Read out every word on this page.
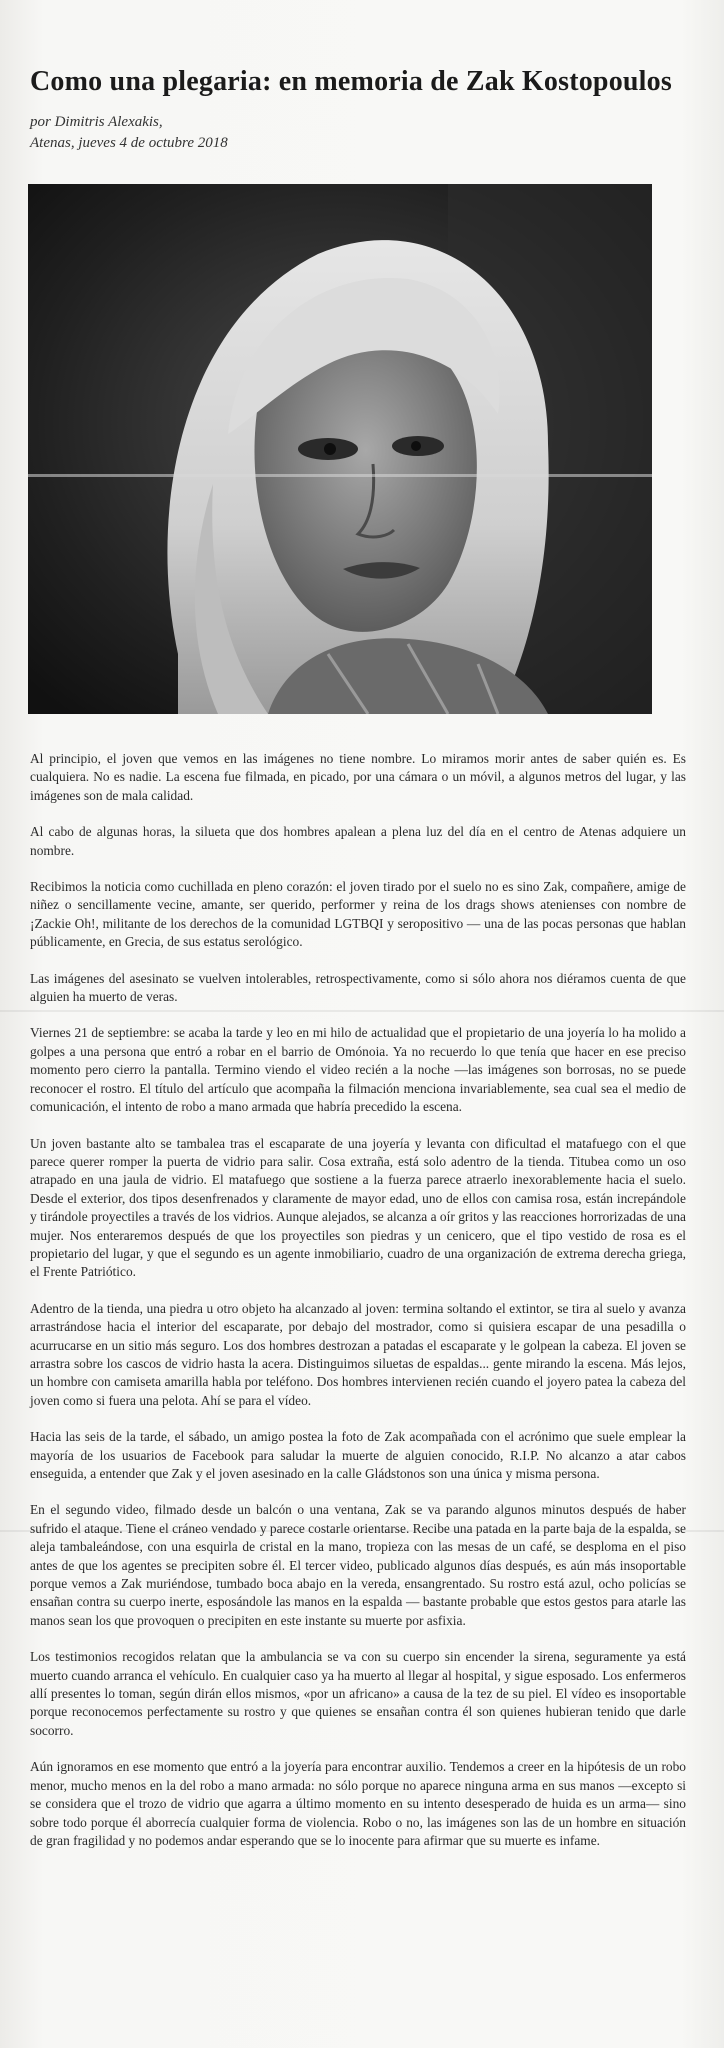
Como una plegaria: en memoria de Zak Kostopoulos
por Dimitris Alexakis,
Atenas, jueves 4 de octubre 2018

Al principio, el joven que vemos en las imágenes no tiene nombre. Lo miramos morir antes de saber quién es. Es cualquiera. No es nadie. La escena fue filmada, en picado, por una cámara o un móvil, a algunos metros del lugar, y las imágenes son de mala calidad.

Al cabo de algunas horas, la silueta que dos hombres apalean a plena luz del día en el centro de Atenas adquiere un nombre.

Recibimos la noticia como cuchillada en pleno corazón: el joven tirado por el suelo no es sino Zak, compañere, amige de niñez o sencillamente vecine, amante, ser querido, performer y reina de los drags shows atenienses con nombre de ¡Zackie Oh!, militante de los derechos de la comunidad LGTBQI y seropositivo — una de las pocas personas que hablan públicamente, en Grecia, de sus estatus serológico.

Las imágenes del asesinato se vuelven intolerables, retrospectivamente, como si sólo ahora nos diéramos cuenta de que alguien ha muerto de veras.

Viernes 21 de septiembre: se acaba la tarde y leo en mi hilo de actualidad que el propietario de una joyería lo ha molido a golpes a una persona que entró a robar en el barrio de Omónoia. Ya no recuerdo lo que tenía que hacer en ese preciso momento pero cierro la pantalla. Termino viendo el video recién a la noche —las imágenes son borrosas, no se puede reconocer el rostro. El título del artículo que acompaña la filmación menciona invariablemente, sea cual sea el medio de comunicación, el intento de robo a mano armada que habría precedido la escena.

Un joven bastante alto se tambalea tras el escaparate de una joyería y levanta con dificultad el matafuego con el que parece querer romper la puerta de vidrio para salir. Cosa extraña, está solo adentro de la tienda. Titubea como un oso atrapado en una jaula de vidrio. El matafuego que sostiene a la fuerza parece atraerlo inexorablemente hacia el suelo. Desde el exterior, dos tipos desenfrenados y claramente de mayor edad, uno de ellos con camisa rosa, están increpándole y tirándole proyectiles a través de los vidrios. Aunque alejados, se alcanza a oír gritos y las reacciones horrorizadas de una mujer. Nos enteraremos después de que los proyectiles son piedras y un cenicero, que el tipo vestido de rosa es el propietario del lugar, y que el segundo es un agente inmobiliario, cuadro de una organización de extrema derecha griega, el Frente Patriótico.

Adentro de la tienda, una piedra u otro objeto ha alcanzado al joven: termina soltando el extintor, se tira al suelo y avanza arrastrándose hacia el interior del escaparate, por debajo del mostrador, como si quisiera escapar de una pesadilla o acurrucarse en un sitio más seguro. Los dos hombres destrozan a patadas el escaparate y le golpean la cabeza. El joven se arrastra sobre los cascos de vidrio hasta la acera. Distinguimos siluetas de espaldas... gente mirando la escena. Más lejos, un hombre con camiseta amarilla habla por teléfono. Dos hombres intervienen recién cuando el joyero patea la cabeza del joven como si fuera una pelota. Ahí se para el vídeo.

Hacia las seis de la tarde, el sábado, un amigo postea la foto de Zak acompañada con el acrónimo que suele emplear la mayoría de los usuarios de Facebook para saludar la muerte de alguien conocido, R.I.P. No alcanzo a atar cabos enseguida, a entender que Zak y el joven asesinado en la calle Gládstonos son una única y misma persona.

En el segundo video, filmado desde un balcón o una ventana, Zak se va parando algunos minutos después de haber sufrido el ataque. Tiene el cráneo vendado y parece costarle orientarse. Recibe una patada en la parte baja de la espalda, se aleja tambaleándose, con una esquirla de cristal en la mano, tropieza con las mesas de un café, se desploma en el piso antes de que los agentes se precipiten sobre él. El tercer video, publicado algunos días después, es aún más insoportable porque vemos a Zak muriéndose, tumbado boca abajo en la vereda, ensangrentado. Su rostro está azul, ocho policías se ensañan contra su cuerpo inerte, esposándole las manos en la espalda — bastante probable que estos gestos para atarle las manos sean los que provoquen o precipiten en este instante su muerte por asfixia.

Los testimonios recogidos relatan que la ambulancia se va con su cuerpo sin encender la sirena, seguramente ya está muerto cuando arranca el vehículo. En cualquier caso ya ha muerto al llegar al hospital, y sigue esposado. Los enfermeros allí presentes lo toman, según dirán ellos mismos, «por un africano» a causa de la tez de su piel. El vídeo es insoportable porque reconocemos perfectamente su rostro y que quienes se ensañan contra él son quienes hubieran tenido que darle socorro.

Aún ignoramos en ese momento que entró a la joyería para encontrar auxilio. Tendemos a creer en la hipótesis de un robo menor, mucho menos en la del robo a mano armada: no sólo porque no aparece ninguna arma en sus manos —excepto si se considera que el trozo de vidrio que agarra a último momento en su intento desesperado de huida es un arma— sino sobre todo porque él aborrecía cualquier forma de violencia. Robo o no, las imágenes son las de un hombre en situación de gran fragilidad y no podemos andar esperando que se lo inocente para afirmar que su muerte es infame.
